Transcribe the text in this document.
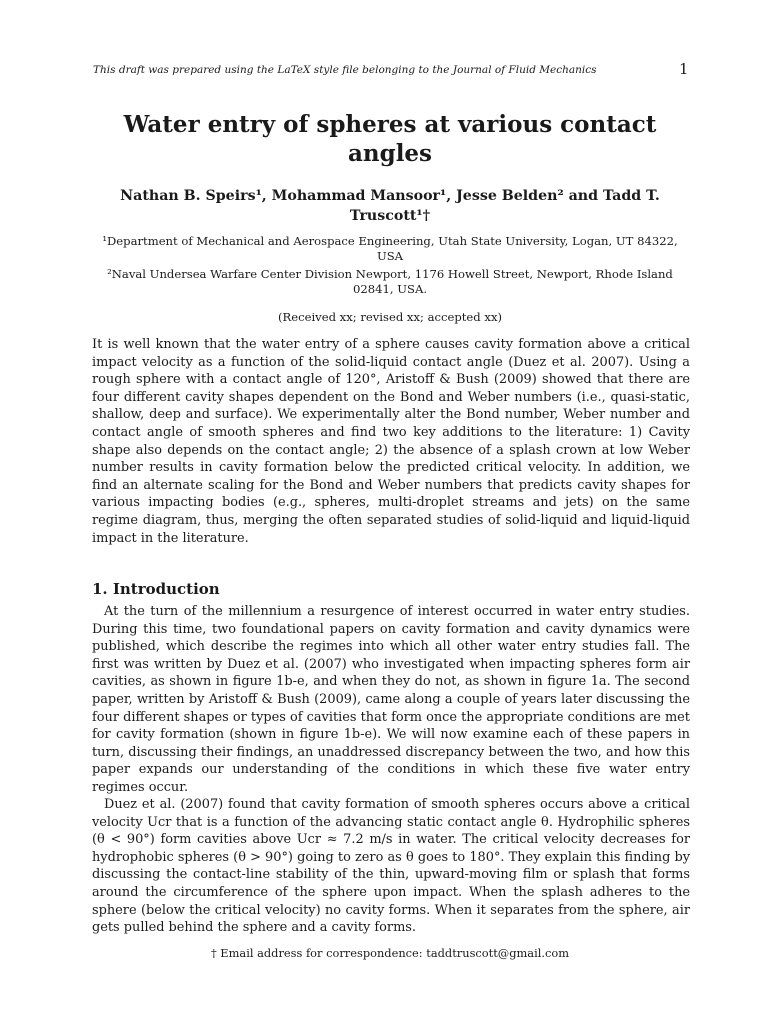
This draft was prepared using the LaTeX style file belonging to the Journal of Fluid Mechanics	1
Water entry of spheres at various contact angles
Nathan B. Speirs¹, Mohammad Mansoor¹, Jesse Belden² and Tadd T. Truscott¹†
¹Department of Mechanical and Aerospace Engineering, Utah State University, Logan, UT 84322, USA
²Naval Undersea Warfare Center Division Newport, 1176 Howell Street, Newport, Rhode Island 02841, USA.
(Received xx; revised xx; accepted xx)

It is well known that the water entry of a sphere causes cavity formation above a critical impact velocity as a function of the solid-liquid contact angle (Duez et al. 2007). Using a rough sphere with a contact angle of 120°, Aristoff & Bush (2009) showed that there are four different cavity shapes dependent on the Bond and Weber numbers (i.e., quasi-static, shallow, deep and surface). We experimentally alter the Bond number, Weber number and contact angle of smooth spheres and find two key additions to the literature: 1) Cavity shape also depends on the contact angle; 2) the absence of a splash crown at low Weber number results in cavity formation below the predicted critical velocity. In addition, we find an alternate scaling for the Bond and Weber numbers that predicts cavity shapes for various impacting bodies (e.g., spheres, multi-droplet streams and jets) on the same regime diagram, thus, merging the often separated studies of solid-liquid and liquid-liquid impact in the literature.

1. Introduction

At the turn of the millennium a resurgence of interest occurred in water entry studies. During this time, two foundational papers on cavity formation and cavity dynamics were published, which describe the regimes into which all other water entry studies fall. The first was written by Duez et al. (2007) who investigated when impacting spheres form air cavities, as shown in figure 1b-e, and when they do not, as shown in figure 1a. The second paper, written by Aristoff & Bush (2009), came along a couple of years later discussing the four different shapes or types of cavities that form once the appropriate conditions are met for cavity formation (shown in figure 1b-e). We will now examine each of these papers in turn, discussing their findings, an unaddressed discrepancy between the two, and how this paper expands our understanding of the conditions in which these five water entry regimes occur.

Duez et al. (2007) found that cavity formation of smooth spheres occurs above a critical velocity Ucr that is a function of the advancing static contact angle θ. Hydrophilic spheres (θ < 90°) form cavities above Ucr ≈ 7.2 m/s in water. The critical velocity decreases for hydrophobic spheres (θ > 90°) going to zero as θ goes to 180°. They explain this finding by discussing the contact-line stability of the thin, upward-moving film or splash that forms around the circumference of the sphere upon impact. When the splash adheres to the sphere (below the critical velocity) no cavity forms. When it separates from the sphere, air gets pulled behind the sphere and a cavity forms.

† Email address for correspondence: taddtruscott@gmail.com
